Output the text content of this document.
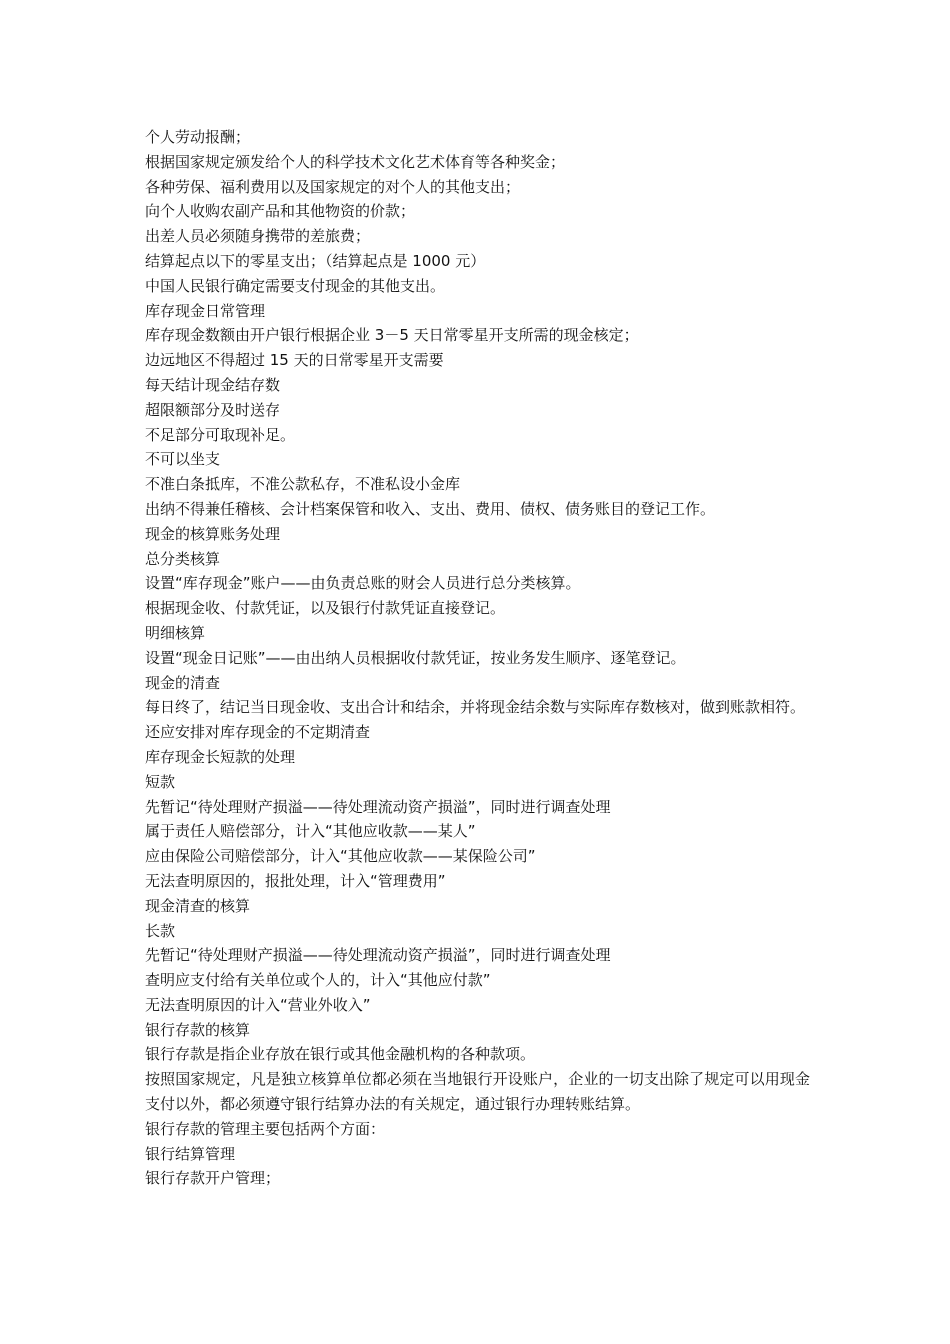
个人劳动报酬；

根据国家规定颁发给个人的科学技术文化艺术体育等各种奖金；

各种劳保、福利费用以及国家规定的对个人的其他支出；

向个人收购农副产品和其他物资的价款；

出差人员必须随身携带的差旅费；

结算起点以下的零星支出；（结算起点是 1000 元）

中国人民银行确定需要支付现金的其他支出。

库存现金日常管理

库存现金数额由开户银行根据企业 3－5 天日常零星开支所需的现金核定；

边远地区不得超过 15 天的日常零星开支需要

每天结计现金结存数

超限额部分及时送存

不足部分可取现补足。

不可以坐支

不准白条抵库，不准公款私存，不准私设小金库

出纳不得兼任稽核、会计档案保管和收入、支出、费用、债权、债务账目的登记工作。

现金的核算账务处理

总分类核算

设置“库存现金”账户——由负责总账的财会人员进行总分类核算。

根据现金收、付款凭证，以及银行付款凭证直接登记。

明细核算

设置“现金日记账”——由出纳人员根据收付款凭证，按业务发生顺序、逐笔登记。

现金的清查

每日终了，结记当日现金收、支出合计和结余，并将现金结余数与实际库存数核对，做到账款相符。

还应安排对库存现金的不定期清查

库存现金长短款的处理

短款

先暂记“待处理财产损溢——待处理流动资产损溢”，同时进行调查处理

属于责任人赔偿部分，计入“其他应收款——某人”

应由保险公司赔偿部分，计入“其他应收款——某保险公司”

无法查明原因的，报批处理，计入“管理费用”

现金清查的核算

长款

先暂记“待处理财产损溢——待处理流动资产损溢”，同时进行调查处理

查明应支付给有关单位或个人的，计入“其他应付款”

无法查明原因的计入“营业外收入”

银行存款的核算

银行存款是指企业存放在银行或其他金融机构的各种款项。

按照国家规定，凡是独立核算单位都必须在当地银行开设账户，企业的一切支出除了规定可以用现金支付以外，都必须遵守银行结算办法的有关规定，通过银行办理转账结算。

银行存款的管理主要包括两个方面：

银行结算管理

银行存款开户管理；
